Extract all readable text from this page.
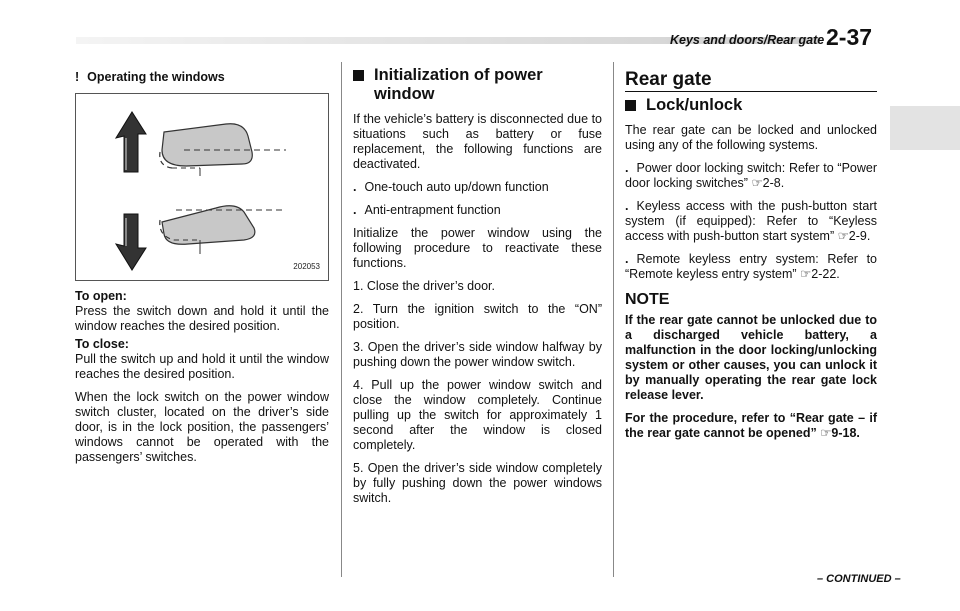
Keys and doors/Rear gate 2-37
! Operating the windows
202053

To open:
Press the switch down and hold it until the window reaches the desired position.

To close:
Pull the switch up and hold it until the window reaches the desired position.

When the lock switch on the power window switch cluster, located on the driver’s side door, is in the lock position, the passengers’ windows cannot be operated with the passengers’ switches.

Initialization of power window

If the vehicle’s battery is disconnected due to situations such as battery or fuse replacement, the following functions are deactivated.

. One-touch auto up/down function

. Anti-entrapment function

Initialize the power window using the following procedure to reactivate these functions.

1. Close the driver’s door.

2. Turn the ignition switch to the “ON” position.

3. Open the driver’s side window halfway by pushing down the power window switch.

4. Pull up the power window switch and close the window completely. Continue pulling up the switch for approximately 1 second after the window is closed completely.

5. Open the driver’s side window completely by fully pushing down the power windows switch.

Rear gate
Lock/unlock

The rear gate can be locked and unlocked using any of the following systems.

. Power door locking switch: Refer to “Power door locking switches” ☞2-8.

. Keyless access with the push-button start system (if equipped): Refer to “Keyless access with push-button start system” ☞2-9.

. Remote keyless entry system: Refer to “Remote keyless entry system” ☞2-22.

NOTE

If the rear gate cannot be unlocked due to a discharged vehicle battery, a malfunction in the door locking/unlocking system or other causes, you can unlock it by manually operating the rear gate lock release lever.

For the procedure, refer to “Rear gate – if the rear gate cannot be opened” ☞9-18.

– CONTINUED –
